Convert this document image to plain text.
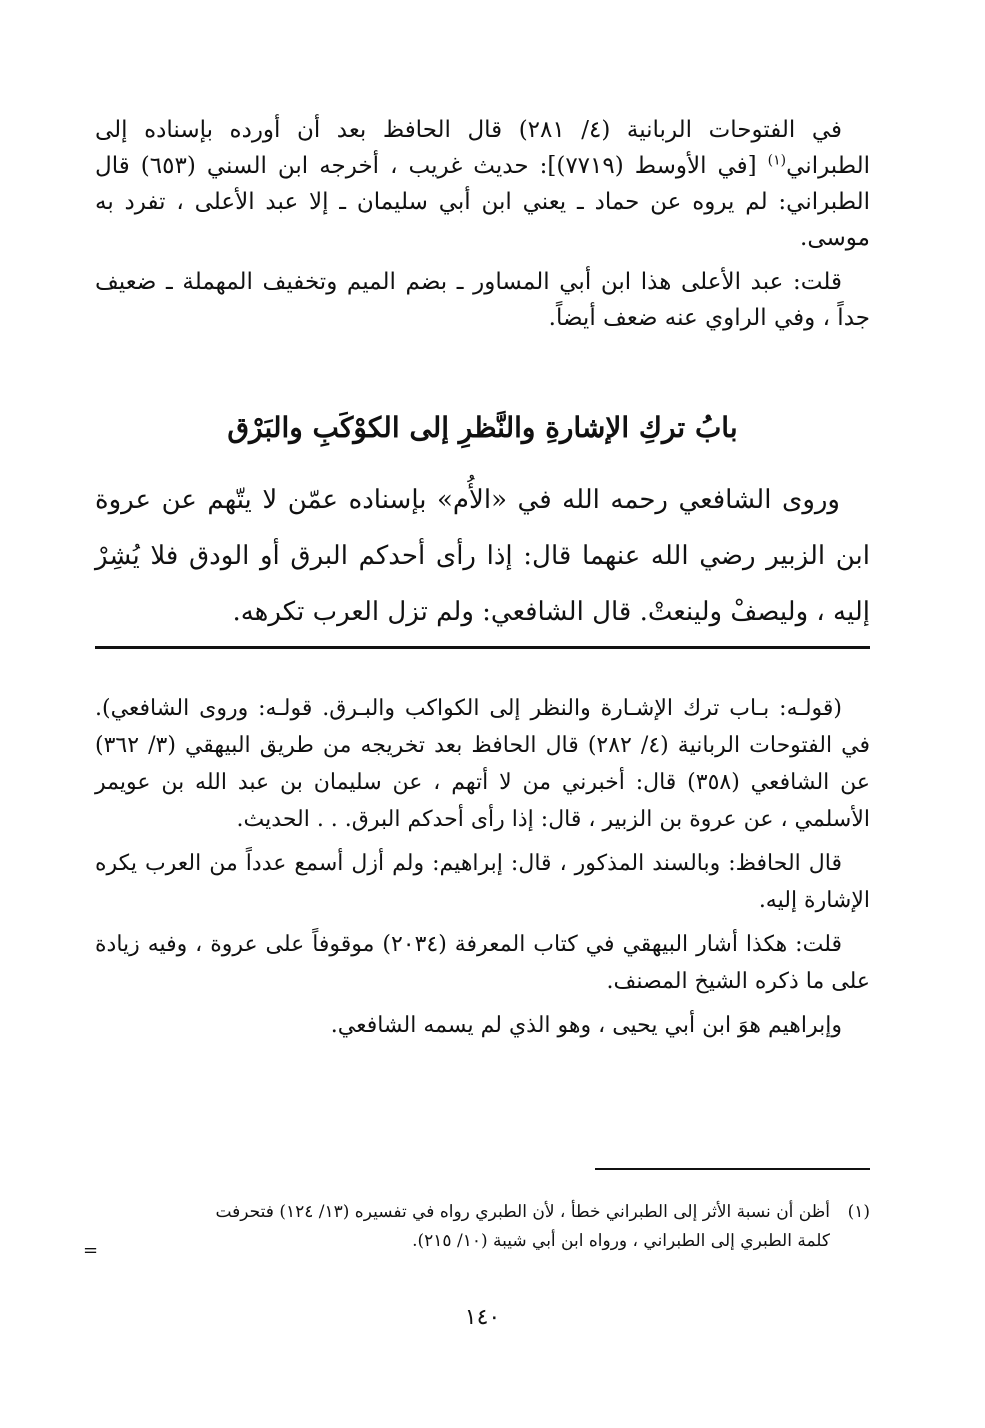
في الفتوحات الربانية (٤/ ٢٨١) قال الحافظ بعد أن أورده بإسناده إلى الطبراني$^{(١)}$ [في الأوسط (٧٧١٩)]: حديث غريب ، أخرجه ابن السني (٦٥٣) قال الطبراني: لم يروه عن حماد ـ يعني ابن أبي سليمان ـ إلا عبد الأعلى ، تفرد به موسى.

قلت: عبد الأعلى هذا ابن أبي المساور ـ بضم الميم وتخفيف المهملة ـ ضعيف جداً ، وفي الراوي عنه ضعف أيضاً.

بابُ تركِ الإشارةِ والنَّظرِ إلى الكوْكَبِ والبَرْق

وروى الشافعي رحمه الله في «الأُم» بإسناده عمّن لا يتّهم عن عروة ابن الزبير رضي الله عنهما قال: إذا رأى أحدكم البرق أو الودق فلا يُشِرْ إليه ، وليصفْ ولينعتْ. قال الشافعي: ولم تزل العرب تكرهه.

(قولـه: بـاب ترك الإشـارة والنظر إلى الكواكب والبـرق. قولـه: وروى الشافعي). في الفتوحات الربانية (٤/ ٢٨٢) قال الحافظ بعد تخريجه من طريق البيهقي (٣/ ٣٦٢) عن الشافعي (٣٥٨) قال: أخبرني من لا أتهم ، عن سليمان بن عبد الله بن عويمر الأسلمي ، عن عروة بن الزبير ، قال: إذا رأى أحدكم البرق. . . الحديث.

قال الحافظ: وبالسند المذكور ، قال: إبراهيم: ولم أزل أسمع عدداً من العرب يكره الإشارة إليه.

قلت: هكذا أشار البيهقي في كتاب المعرفة (٢٠٣٤) موقوفاً على عروة ، وفيه زيادة على ما ذكره الشيخ المصنف.

وإبراهيم هوَ ابن أبي يحيى ، وهو الذي لم يسمه الشافعي.

(١)أظن أن نسبة الأثر إلى الطبراني خطأ ، لأن الطبري رواه في تفسيره (١٣/ ١٢٤) فتحرفت
كلمة الطبري إلى الطبراني ، ورواه ابن أبي شيبة (١٠/ ٢١٥).
=
١٤٠
